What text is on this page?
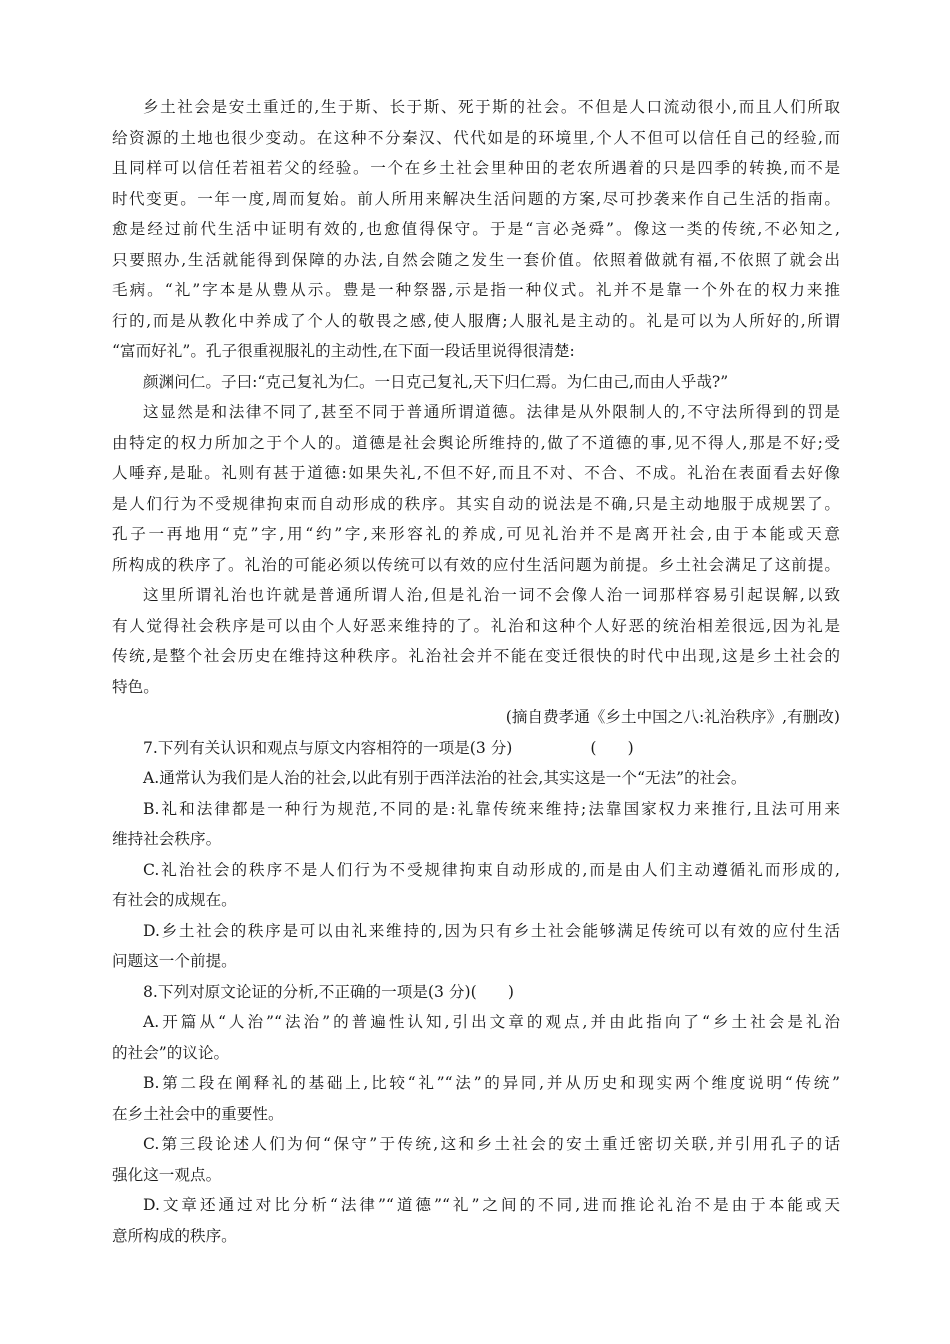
乡土社会是安土重迁的,生于斯、长于斯、死于斯的社会。不但是人口流动很小,而且人们所取
给资源的土地也很少变动。在这种不分秦汉、代代如是的环境里,个人不但可以信任自己的经验,而
且同样可以信任若祖若父的经验。一个在乡土社会里种田的老农所遇着的只是四季的转换,而不是
时代变更。一年一度,周而复始。前人所用来解决生活问题的方案,尽可抄袭来作自己生活的指南。
愈是经过前代生活中证明有效的,也愈值得保守。于是“言必尧舜”。像这一类的传统,不必知之,
只要照办,生活就能得到保障的办法,自然会随之发生一套价值。依照着做就有福,不依照了就会出
毛病。“礼”字本是从豊从示。豊是一种祭器,示是指一种仪式。礼并不是靠一个外在的权力来推
行的,而是从教化中养成了个人的敬畏之感,使人服膺;人服礼是主动的。礼是可以为人所好的,所谓
“富而好礼”。孔子很重视服礼的主动性,在下面一段话里说得很清楚:
颜渊问仁。子曰:“克己复礼为仁。一日克己复礼,天下归仁焉。为仁由己,而由人乎哉?”
这显然是和法律不同了,甚至不同于普通所谓道德。法律是从外限制人的,不守法所得到的罚是
由特定的权力所加之于个人的。道德是社会舆论所维持的,做了不道德的事,见不得人,那是不好;受
人唾弃,是耻。礼则有甚于道德:如果失礼,不但不好,而且不对、不合、不成。礼治在表面看去好像
是人们行为不受规律拘束而自动形成的秩序。其实自动的说法是不确,只是主动地服于成规罢了。
孔子一再地用“克”字,用“约”字,来形容礼的养成,可见礼治并不是离开社会,由于本能或天意
所构成的秩序了。礼治的可能必须以传统可以有效的应付生活问题为前提。乡土社会满足了这前提。
这里所谓礼治也许就是普通所谓人治,但是礼治一词不会像人治一词那样容易引起误解,以致
有人觉得社会秩序是可以由个人好恶来维持的了。礼治和这种个人好恶的统治相差很远,因为礼是
传统,是整个社会历史在维持这种秩序。礼治社会并不能在变迁很快的时代中出现,这是乡土社会的
特色。
(摘自费孝通《乡土中国之八:礼治秩序》,有删改)
7.下列有关认识和观点与原文内容相符的一项是(3 分)　　　　　(　　)
A.通常认为我们是人治的社会,以此有别于西洋法治的社会,其实这是一个“无法”的社会。
B.礼和法律都是一种行为规范,不同的是:礼靠传统来维持;法靠国家权力来推行,且法可用来
维持社会秩序。
C.礼治社会的秩序不是人们行为不受规律拘束自动形成的,而是由人们主动遵循礼而形成的,
有社会的成规在。
D.乡土社会的秩序是可以由礼来维持的,因为只有乡土社会能够满足传统可以有效的应付生活
问题这一个前提。
8.下列对原文论证的分析,不正确的一项是(3 分)(　　)
A.开篇从“人治”“法治”的普遍性认知,引出文章的观点,并由此指向了“乡土社会是礼治
的社会”的议论。
B.第二段在阐释礼的基础上,比较“礼”“法”的异同,并从历史和现实两个维度说明“传统”
在乡土社会中的重要性。
C.第三段论述人们为何“保守”于传统,这和乡土社会的安土重迁密切关联,并引用孔子的话
强化这一观点。
D.文章还通过对比分析“法律”“道德”“礼”之间的不同,进而推论礼治不是由于本能或天
意所构成的秩序。
